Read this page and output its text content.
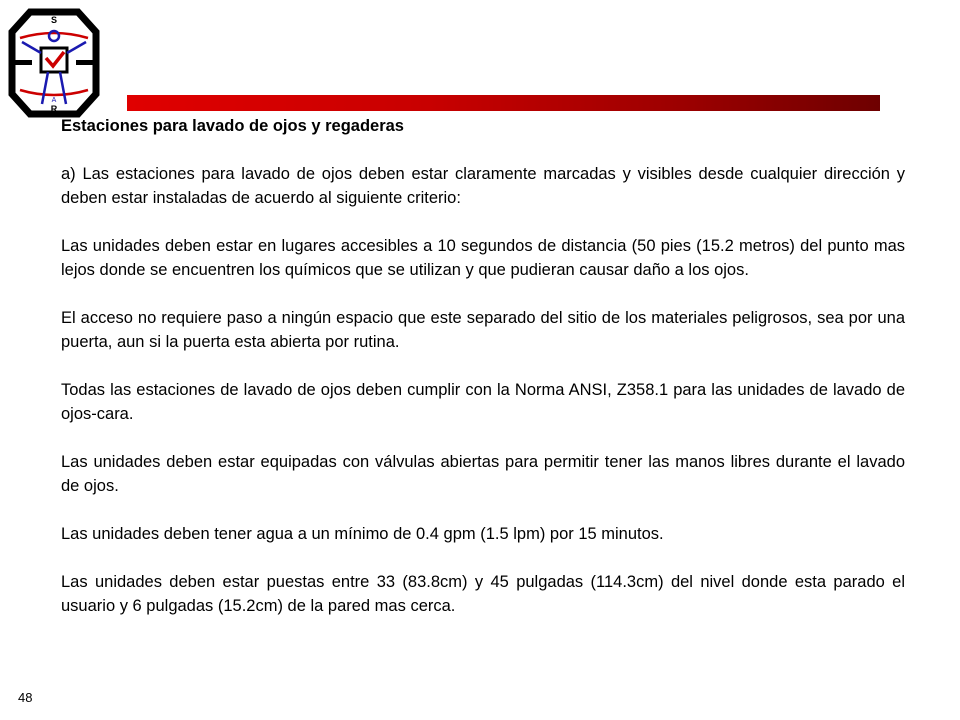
S
O
R
A

Estaciones para lavado de ojos y regaderas

a) Las estaciones para lavado de ojos deben estar claramente marcadas y visibles desde cualquier dirección y deben estar instaladas de acuerdo al siguiente criterio:

Las unidades deben estar en lugares accesibles a 10 segundos de distancia (50 pies (15.2 metros) del punto mas lejos donde se encuentren los químicos que se utilizan y que pudieran causar daño a los ojos.

El acceso no requiere paso a ningún espacio que este separado del sitio de los materiales peligrosos, sea por una puerta, aun si la puerta esta abierta por rutina.

Todas las estaciones de lavado de ojos deben cumplir con la Norma ANSI, Z358.1 para las unidades de lavado de ojos-cara.

Las unidades deben estar equipadas con válvulas abiertas para permitir tener las manos libres durante el lavado de ojos.

Las unidades deben tener agua a un mínimo de 0.4 gpm (1.5 lpm) por 15 minutos.

Las unidades deben estar puestas entre 33 (83.8cm) y 45 pulgadas (114.3cm) del nivel donde esta parado el usuario y 6 pulgadas (15.2cm) de la pared mas cerca.

48
